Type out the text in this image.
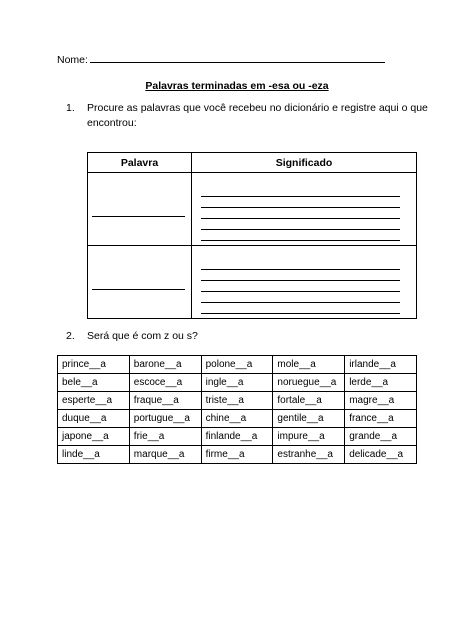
Nome:
Palavras terminadas em -esa ou -eza
1. Procure as palavras que você recebeu no dicionário e registre aqui o que
encontrou:
Palavra	Significado

2. Será que é com z ou s?
prince__a	barone__a	polone__a	mole__a	irlande__a
bele__a	escoce__a	ingle__a	noruegue__a	lerde__a
esperte__a	fraque__a	triste__a	fortale__a	magre__a
duque__a	portugue__a	chine__a	gentile__a	france__a
japone__a	frie__a	finlande__a	impure__a	grande__a
linde__a	marque__a	firme__a	estranhe__a	delicade__a
